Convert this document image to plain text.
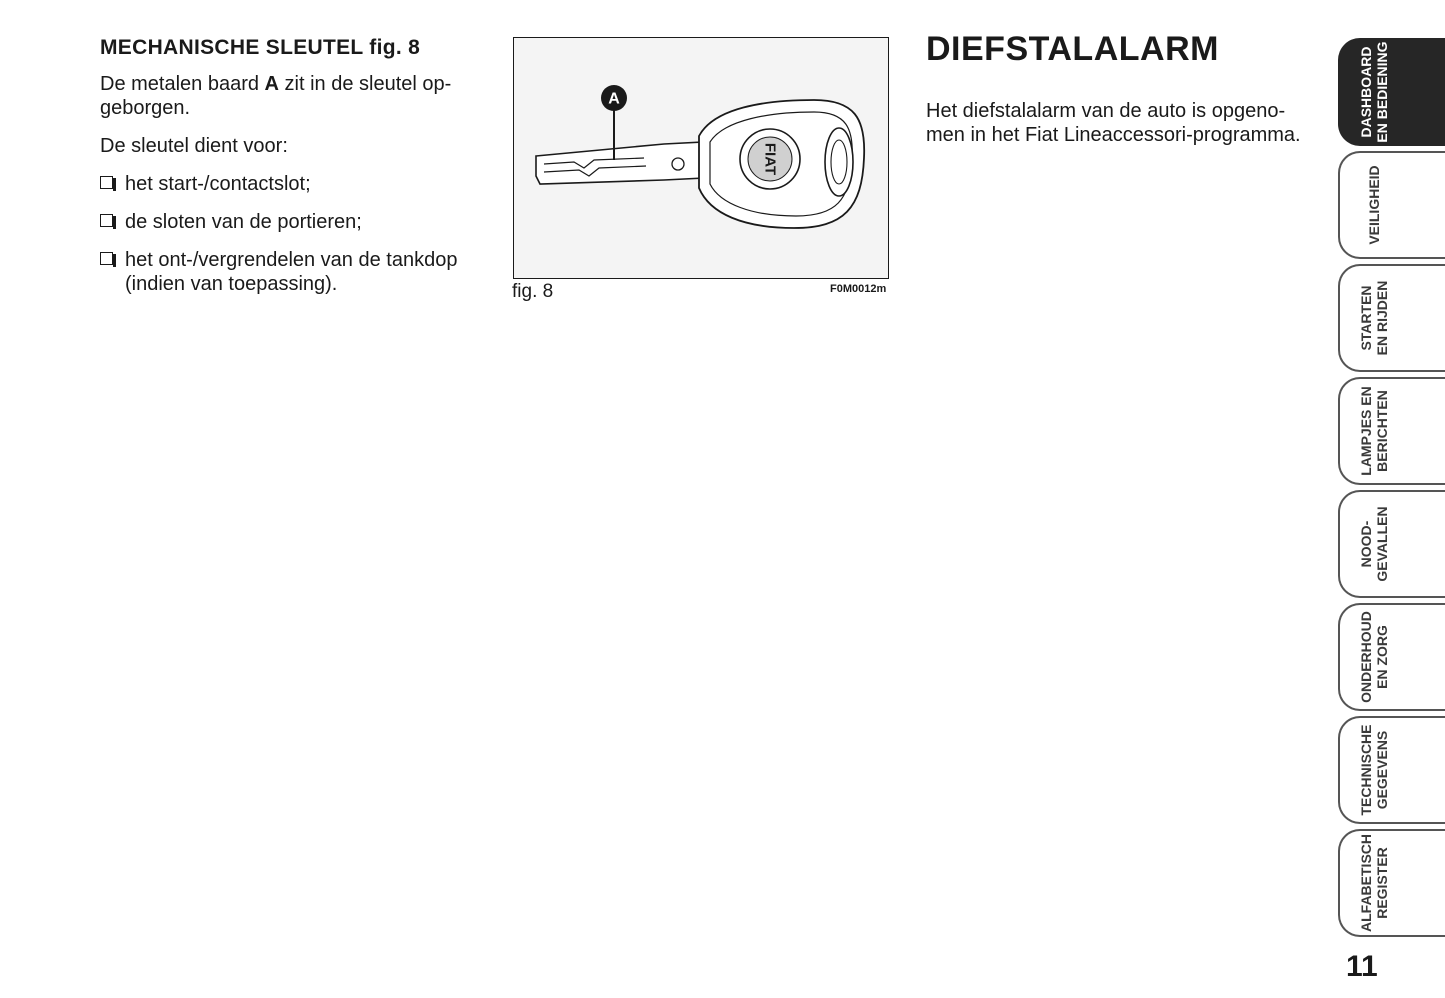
MECHANISCHE SLEUTEL fig. 8

De metalen baard A zit in de sleutel op- geborgen.

De sleutel dient voor:

het start-/contactslot;
de sloten van de portieren;
het ont-/vergrendelen van de tankdop (indien van toepassing).
FIAT
A
fig. 8	F0M0012m
DIEFSTALALARM

Het diefstalalarm van de auto is opgeno- men in het Fiat Lineaccessori-programma.	DASHBOARD
EN BEDIENING
VEILIGHEID
STARTEN
EN RIJDEN
LAMPJES EN
BERICHTEN
NOOD-
GEVALLEN
ONDERHOUD
EN ZORG
TECHNISCHE
GEGEVENS
ALFABETISCH
REGISTER
11
